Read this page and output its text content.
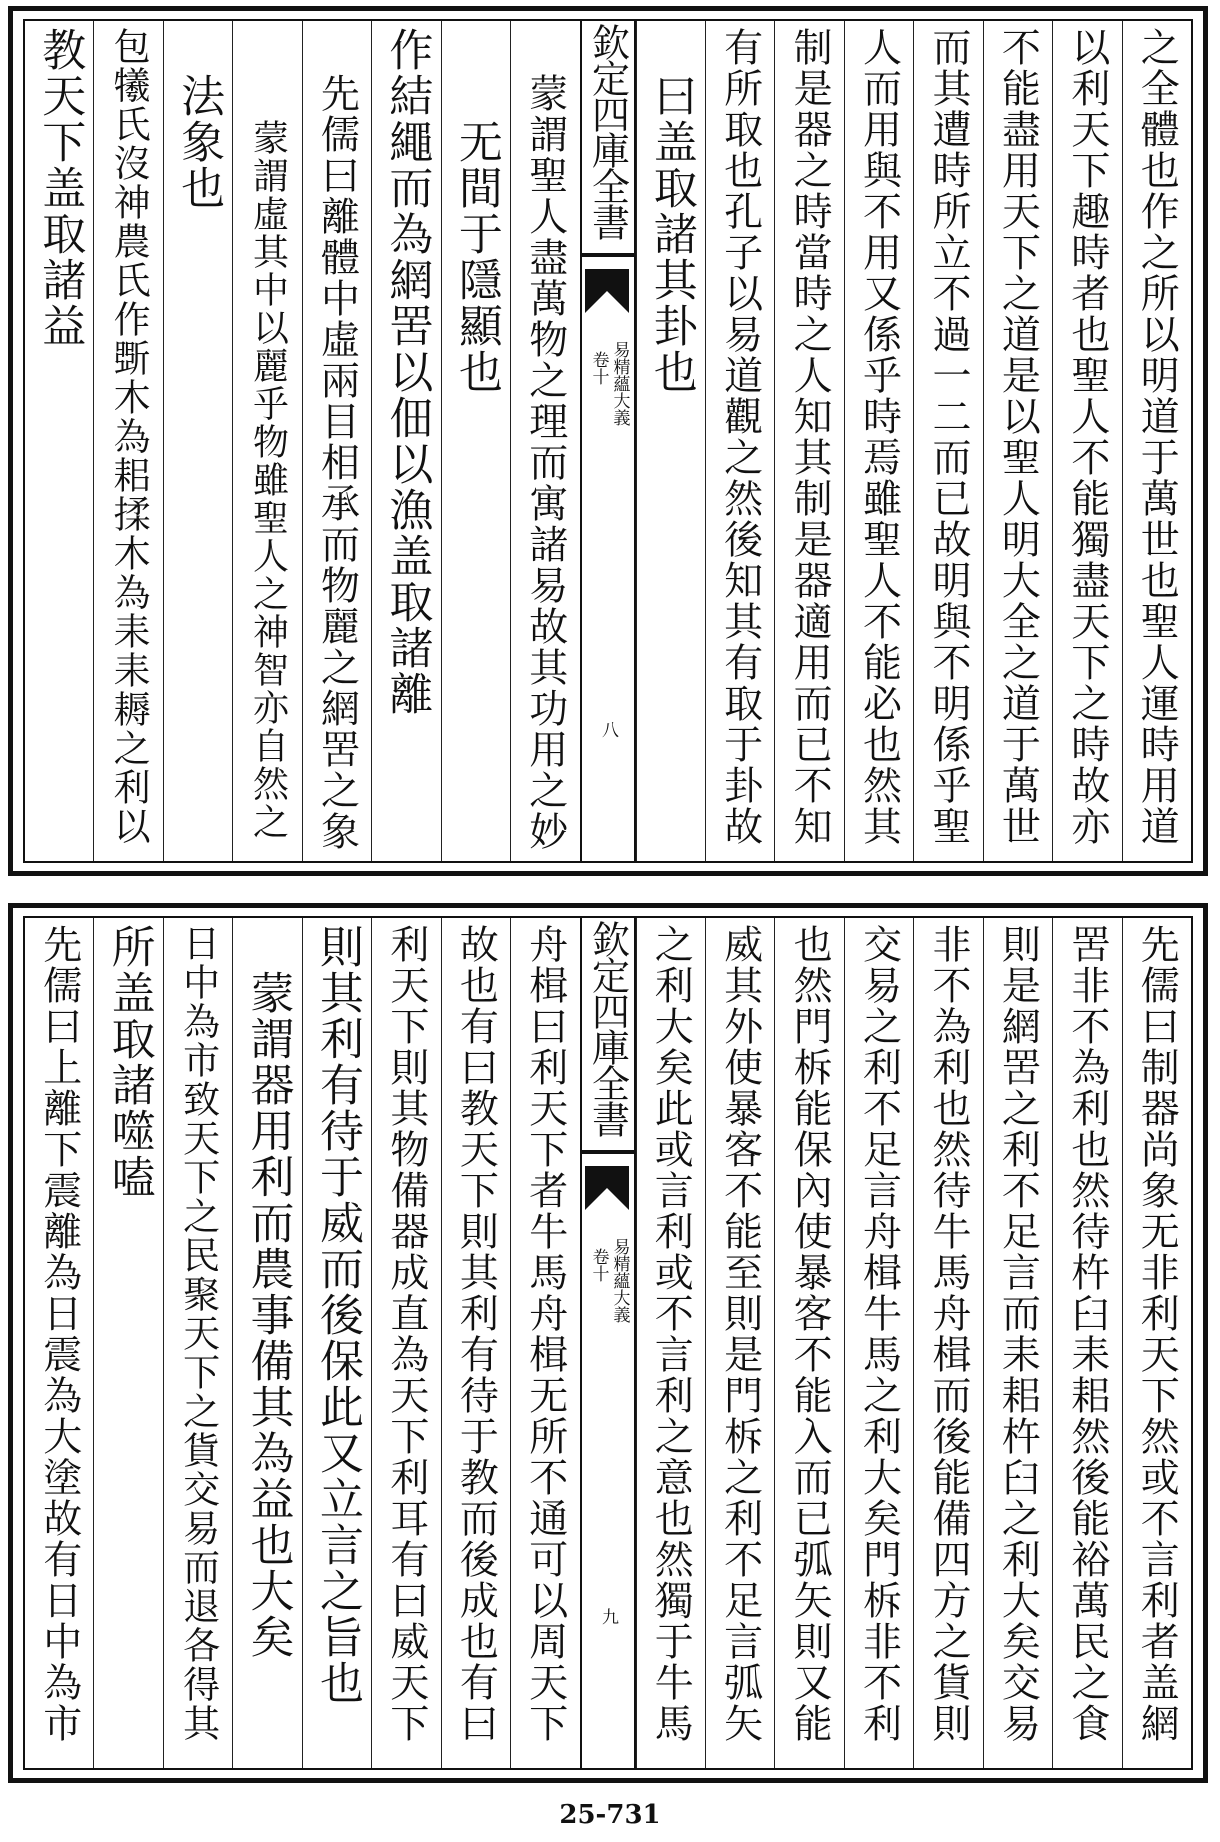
之全體也作之所以明道于萬世也聖人運時用道
以利天下趣時者也聖人不能獨盡天下之時故亦
不能盡用天下之道是以聖人明大全之道于萬世
而其遭時所立不過一二而已故明與不明係乎聖
人而用與不用又係乎時焉雖聖人不能必也然其
制是器之時當時之人知其制是器適用而已不知
有所取也孔子以易道觀之然後知其有取于卦故
曰盖取諸其卦也
欽定四庫全書
易精蘊大義
卷十
八
蒙謂聖人盡萬物之理而寓諸易故其功用之妙
无間于隱顯也
作結繩而為網罟以佃以漁盖取諸離
先儒曰離體中虛兩目相承而物麗之網罟之象
蒙謂虛其中以麗乎物雖聖人之神智亦自然之
法象也
包犧氏沒神農氏作斲木為耜揉木為耒耒耨之利以
教天下盖取諸益
先儒曰制器尚象无非利天下然或不言利者盖網
罟非不為利也然待杵臼耒耜然後能裕萬民之食
則是網罟之利不足言而耒耜杵臼之利大矣交易
非不為利也然待牛馬舟楫而後能備四方之貨則
交易之利不足言舟楫牛馬之利大矣門柝非不利
也然門柝能保內使暴客不能入而已弧矢則又能
威其外使暴客不能至則是門柝之利不足言弧矢
之利大矣此或言利或不言利之意也然獨于牛馬
欽定四庫全書
易精蘊大義
卷十
九
舟楫曰利天下者牛馬舟楫无所不通可以周天下
故也有曰教天下則其利有待于教而後成也有曰
利天下則其物備器成直為天下利耳有曰威天下
則其利有待于威而後保此又立言之旨也
蒙謂器用利而農事備其為益也大矣
日中為市致天下之民聚天下之貨交易而退各得其
所盖取諸噬嗑
先儒曰上離下震離為日震為大塗故有日中為市
25-731
